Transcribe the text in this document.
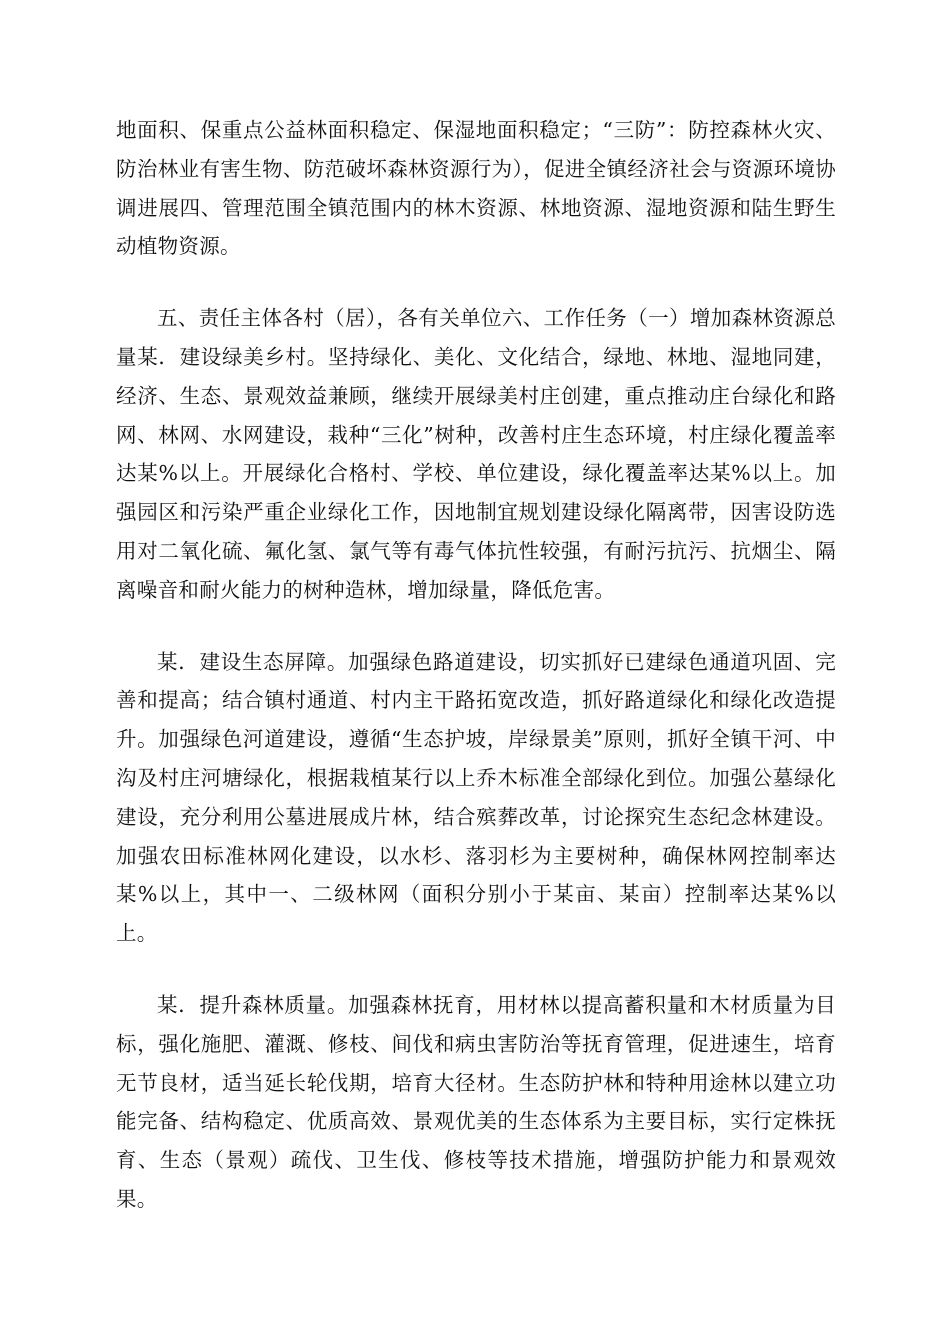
地面积、保重点公益林面积稳定、保湿地面积稳定；“三防”：防控森林火灾、防治林业有害生物、防范破坏森林资源行为），促进全镇经济社会与资源环境协调进展四、管理范围全镇范围内的林木资源、林地资源、湿地资源和陆生野生动植物资源。

五、责任主体各村（居），各有关单位六、工作任务（一）增加森林资源总量某．建设绿美乡村。坚持绿化、美化、文化结合，绿地、林地、湿地同建，经济、生态、景观效益兼顾，继续开展绿美村庄创建，重点推动庄台绿化和路网、林网、水网建设，栽种“三化”树种，改善村庄生态环境，村庄绿化覆盖率达某%以上。开展绿化合格村、学校、单位建设，绿化覆盖率达某%以上。加强园区和污染严重企业绿化工作，因地制宜规划建设绿化隔离带，因害设防选用对二氧化硫、氟化氢、氯气等有毒气体抗性较强，有耐污抗污、抗烟尘、隔离噪音和耐火能力的树种造林，增加绿量，降低危害。

某．建设生态屏障。加强绿色路道建设，切实抓好已建绿色通道巩固、完善和提高；结合镇村通道、村内主干路拓宽改造，抓好路道绿化和绿化改造提升。加强绿色河道建设，遵循“生态护坡，岸绿景美”原则，抓好全镇干河、中沟及村庄河塘绿化，根据栽植某行以上乔木标准全部绿化到位。加强公墓绿化建设，充分利用公墓进展成片林，结合殡葬改革，讨论探究生态纪念林建设。加强农田标准林网化建设，以水杉、落羽杉为主要树种，确保林网控制率达某%以上，其中一、二级林网（面积分别小于某亩、某亩）控制率达某%以上。

某．提升森林质量。加强森林抚育，用材林以提高蓄积量和木材质量为目标，强化施肥、灌溉、修枝、间伐和病虫害防治等抚育管理，促进速生，培育无节良材，适当延长轮伐期，培育大径材。生态防护林和特种用途林以建立功能完备、结构稳定、优质高效、景观优美的生态体系为主要目标，实行定株抚育、生态（景观）疏伐、卫生伐、修枝等技术措施，增强防护能力和景观效果。
